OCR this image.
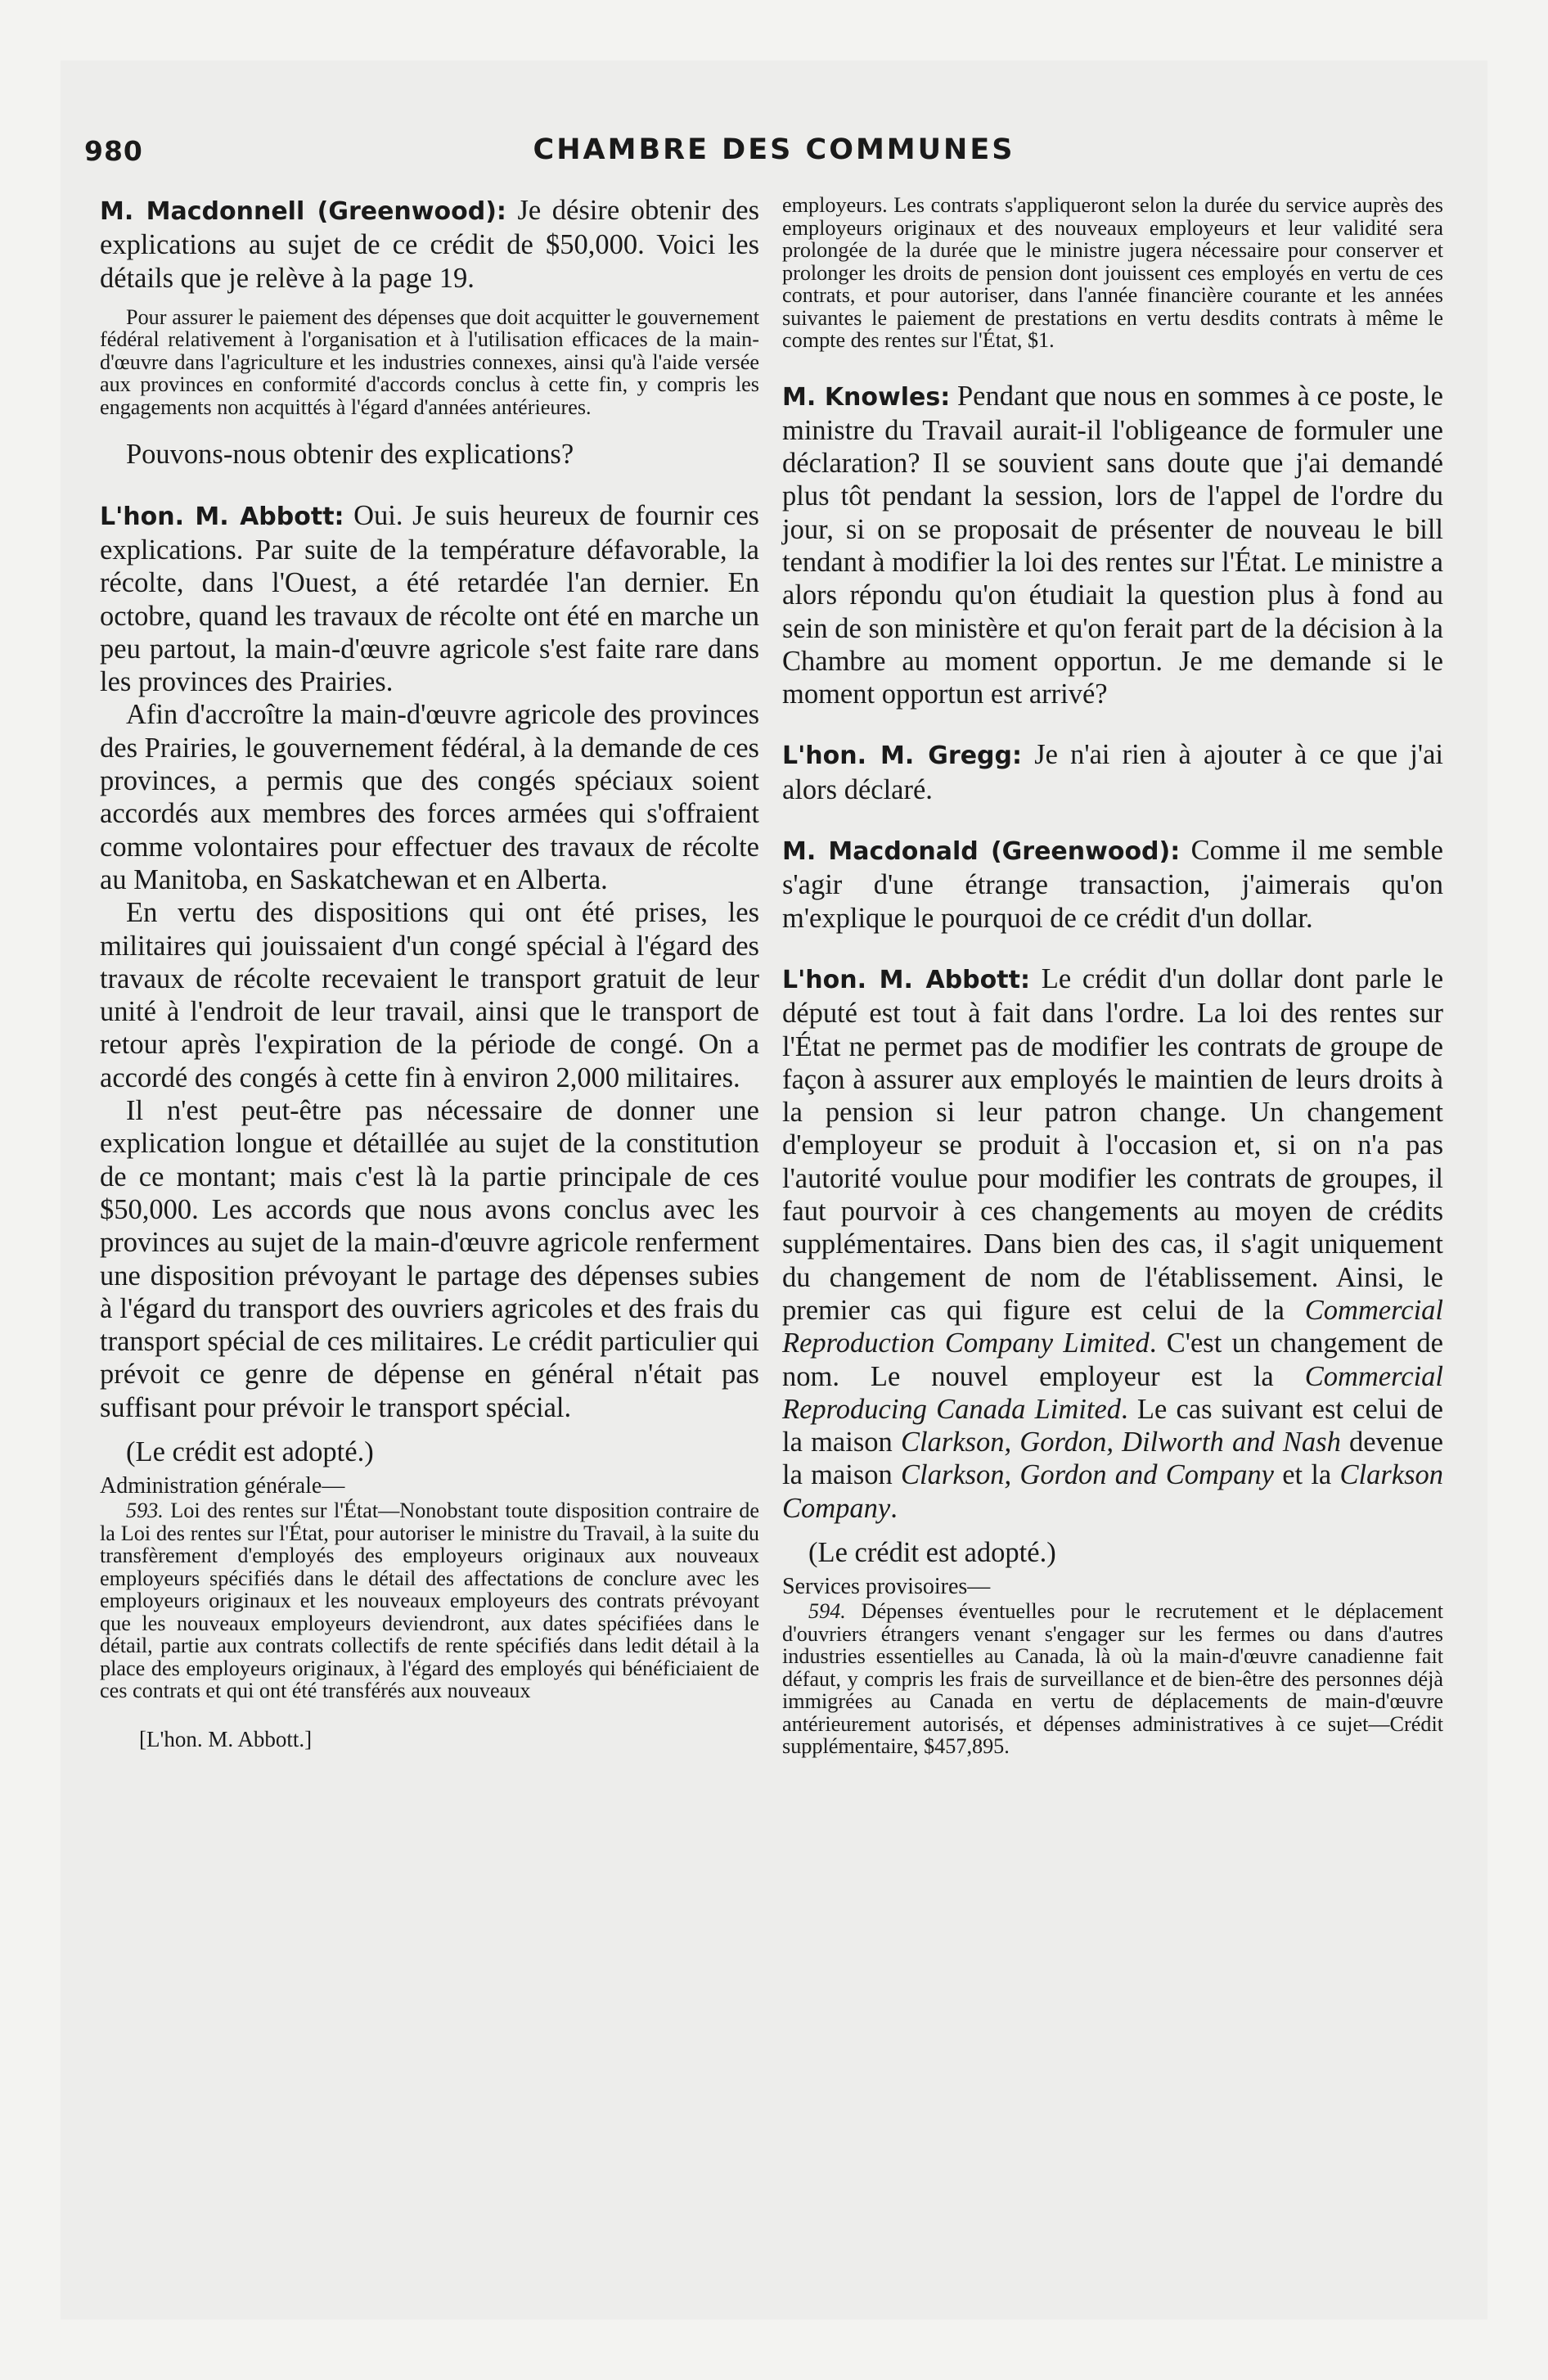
980	CHAMBRE DES COMMUNES

M. Macdonnell (Greenwood): Je désire obtenir des explications au sujet de ce crédit de $50,000. Voici les détails que je relève à la page 19.

Pour assurer le paiement des dépenses que doit acquitter le gouvernement fédéral relativement à l'organisation et à l'utilisation efficaces de la main-d'œuvre dans l'agriculture et les industries connexes, ainsi qu'à l'aide versée aux provinces en conformité d'accords conclus à cette fin, y compris les engagements non acquittés à l'égard d'années antérieures.

Pouvons-nous obtenir des explications?

L'hon. M. Abbott: Oui. Je suis heureux de fournir ces explications. Par suite de la température défavorable, la récolte, dans l'Ouest, a été retardée l'an dernier. En octobre, quand les travaux de récolte ont été en marche un peu partout, la main-d'œuvre agricole s'est faite rare dans les provinces des Prairies.

Afin d'accroître la main-d'œuvre agricole des provinces des Prairies, le gouvernement fédéral, à la demande de ces provinces, a permis que des congés spéciaux soient accordés aux membres des forces armées qui s'offraient comme volontaires pour effectuer des travaux de récolte au Manitoba, en Saskatchewan et en Alberta.

En vertu des dispositions qui ont été prises, les militaires qui jouissaient d'un congé spécial à l'égard des travaux de récolte recevaient le transport gratuit de leur unité à l'endroit de leur travail, ainsi que le transport de retour après l'expiration de la période de congé. On a accordé des congés à cette fin à environ 2,000 militaires.

Il n'est peut-être pas nécessaire de donner une explication longue et détaillée au sujet de la constitution de ce montant; mais c'est là la partie principale de ces $50,000. Les accords que nous avons conclus avec les provinces au sujet de la main-d'œuvre agricole renferment une disposition prévoyant le partage des dépenses subies à l'égard du transport des ouvriers agricoles et des frais du transport spécial de ces militaires. Le crédit particulier qui prévoit ce genre de dépense en général n'était pas suffisant pour prévoir le transport spécial.

(Le crédit est adopté.)

Administration générale—

593. Loi des rentes sur l'État—Nonobstant toute disposition contraire de la Loi des rentes sur l'État, pour autoriser le ministre du Travail, à la suite du transfèrement d'employés des employeurs originaux aux nouveaux employeurs spécifiés dans le détail des affectations de conclure avec les employeurs originaux et les nouveaux employeurs des contrats prévoyant que les nouveaux employeurs deviendront, aux dates spécifiées dans le détail, partie aux contrats collectifs de rente spécifiés dans ledit détail à la place des employeurs originaux, à l'égard des employés qui bénéficiaient de ces contrats et qui ont été transférés aux nouveaux

[L'hon. M. Abbott.]

employeurs. Les contrats s'appliqueront selon la durée du service auprès des employeurs originaux et des nouveaux employeurs et leur validité sera prolongée de la durée que le ministre jugera nécessaire pour conserver et prolonger les droits de pension dont jouissent ces employés en vertu de ces contrats, et pour autoriser, dans l'année financière courante et les années suivantes le paiement de prestations en vertu desdits contrats à même le compte des rentes sur l'État, $1.

M. Knowles: Pendant que nous en sommes à ce poste, le ministre du Travail aurait-il l'obligeance de formuler une déclaration? Il se souvient sans doute que j'ai demandé plus tôt pendant la session, lors de l'appel de l'ordre du jour, si on se proposait de présenter de nouveau le bill tendant à modifier la loi des rentes sur l'État. Le ministre a alors répondu qu'on étudiait la question plus à fond au sein de son ministère et qu'on ferait part de la décision à la Chambre au moment opportun. Je me demande si le moment opportun est arrivé?

L'hon. M. Gregg: Je n'ai rien à ajouter à ce que j'ai alors déclaré.

M. Macdonald (Greenwood): Comme il me semble s'agir d'une étrange transaction, j'aimerais qu'on m'explique le pourquoi de ce crédit d'un dollar.

L'hon. M. Abbott: Le crédit d'un dollar dont parle le député est tout à fait dans l'ordre. La loi des rentes sur l'État ne permet pas de modifier les contrats de groupe de façon à assurer aux employés le maintien de leurs droits à la pension si leur patron change. Un changement d'employeur se produit à l'occasion et, si on n'a pas l'autorité voulue pour modifier les contrats de groupes, il faut pourvoir à ces changements au moyen de crédits supplémentaires. Dans bien des cas, il s'agit uniquement du changement de nom de l'établissement. Ainsi, le premier cas qui figure est celui de la Commercial Reproduction Company Limited. C'est un changement de nom. Le nouvel employeur est la Commercial Reproducing Canada Limited. Le cas suivant est celui de la maison Clarkson, Gordon, Dilworth and Nash devenue la maison Clarkson, Gordon and Company et la Clarkson Company.

(Le crédit est adopté.)

Services provisoires—

594. Dépenses éventuelles pour le recrutement et le déplacement d'ouvriers étrangers venant s'engager sur les fermes ou dans d'autres industries essentielles au Canada, là où la main-d'œuvre canadienne fait défaut, y compris les frais de surveillance et de bien-être des personnes déjà immigrées au Canada en vertu de déplacements de main-d'œuvre antérieurement autorisés, et dépenses administratives à ce sujet—Crédit supplémentaire, $457,895.
